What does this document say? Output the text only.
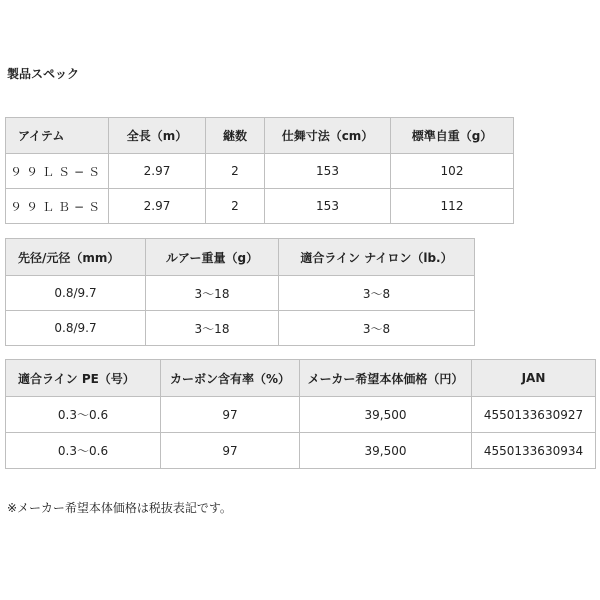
製品スペック
アイテム	全長（m）	継数	仕舞寸法（cm）	標準自重（g）
９９ＬＳ−Ｓ	2.97	2	153	102
９９ＬＢ−Ｓ	2.97	2	153	112
先径/元径（mm）	ルアー重量（g）	適合ライン ナイロン（lb.）
0.8/9.7	3〜18	3〜8
0.8/9.7	3〜18	3〜8
適合ライン PE（号）	カーボン含有率（%）	メーカー希望本体価格（円）	JAN
0.3〜0.6	97	39,500	4550133630927
0.3〜0.6	97	39,500	4550133630934
※メーカー希望本体価格は税抜表記です。
